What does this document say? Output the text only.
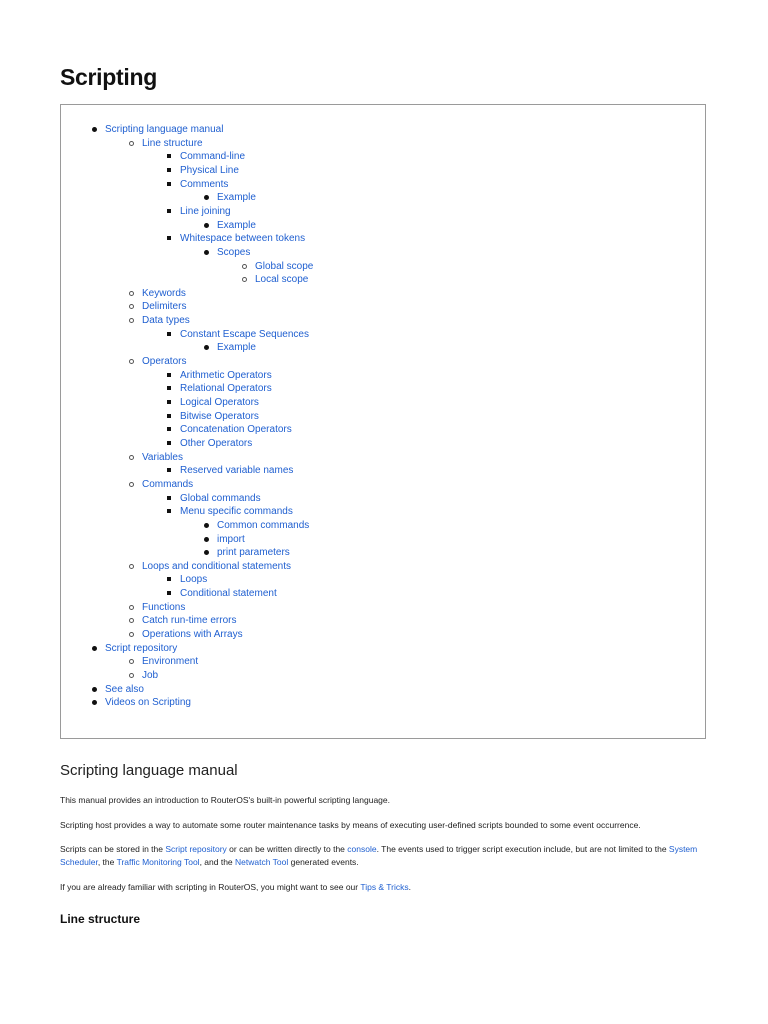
Scripting
Scripting language manual
Line structure
Command-line
Physical Line
Comments
Example
Line joining
Example
Whitespace between tokens
Scopes
Global scope
Local scope
Keywords
Delimiters
Data types
Constant Escape Sequences
Example
Operators
Arithmetic Operators
Relational Operators
Logical Operators
Bitwise Operators
Concatenation Operators
Other Operators
Variables
Reserved variable names
Commands
Global commands
Menu specific commands
Common commands
import
print parameters
Loops and conditional statements
Loops
Conditional statement
Functions
Catch run-time errors
Operations with Arrays
Script repository
Environment
Job
See also
Videos on Scripting
Scripting language manual

This manual provides an introduction to RouterOS's built-in powerful scripting language.

Scripting host provides a way to automate some router maintenance tasks by means of executing user-defined scripts bounded to some event occurrence.

Scripts can be stored in the Script repository or can be written directly to the console. The events used to trigger script execution include, but are not limited to the System Scheduler, the Traffic Monitoring Tool, and the Netwatch Tool generated events.

If you are already familiar with scripting in RouterOS, you might want to see our Tips & Tricks.

Line structure
